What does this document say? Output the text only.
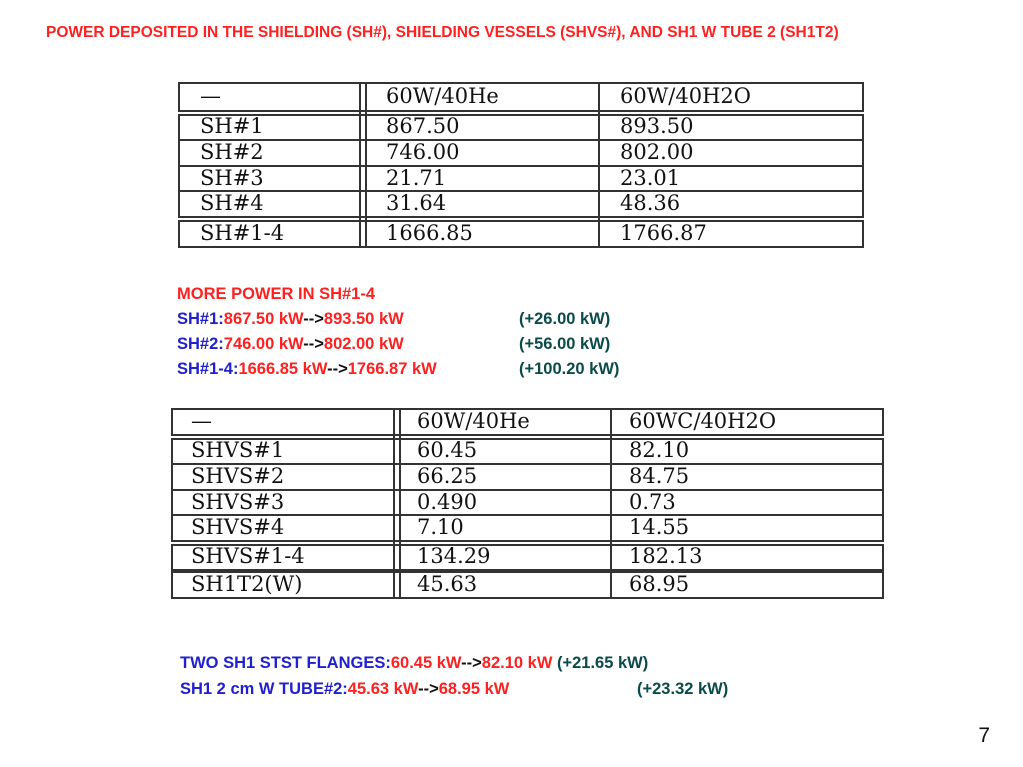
POWER DEPOSITED IN THE SHIELDING (SH#), SHIELDING VESSELS (SHVS#), AND SH1 W TUBE 2 (SH1T2)
—	60W/40He	60W/40H2O
SH#1	867.50	893.50
SH#2	746.00	802.00
SH#3	21.71	23.01
SH#4	31.64	48.36
SH#1-4	1666.85	1766.87
MORE POWER IN SH#1-4
SH#1:867.50 kW-->893.50 kW	(+26.00 kW)
SH#2:746.00 kW-->802.00 kW	(+56.00 kW)
SH#1-4:1666.85 kW-->1766.87 kW	(+100.20 kW)
—	60W/40He	60WC/40H2O
SHVS#1	60.45	82.10
SHVS#2	66.25	84.75
SHVS#3	0.490	0.73
SHVS#4	7.10	14.55
SHVS#1-4	134.29	182.13
SH1T2(W)	45.63	68.95
TWO SH1 STST FLANGES:60.45 kW-->82.10 kW (+21.65 kW)
SH1 2 cm W TUBE#2:45.63 kW-->68.95 kW	(+23.32 kW)
7
